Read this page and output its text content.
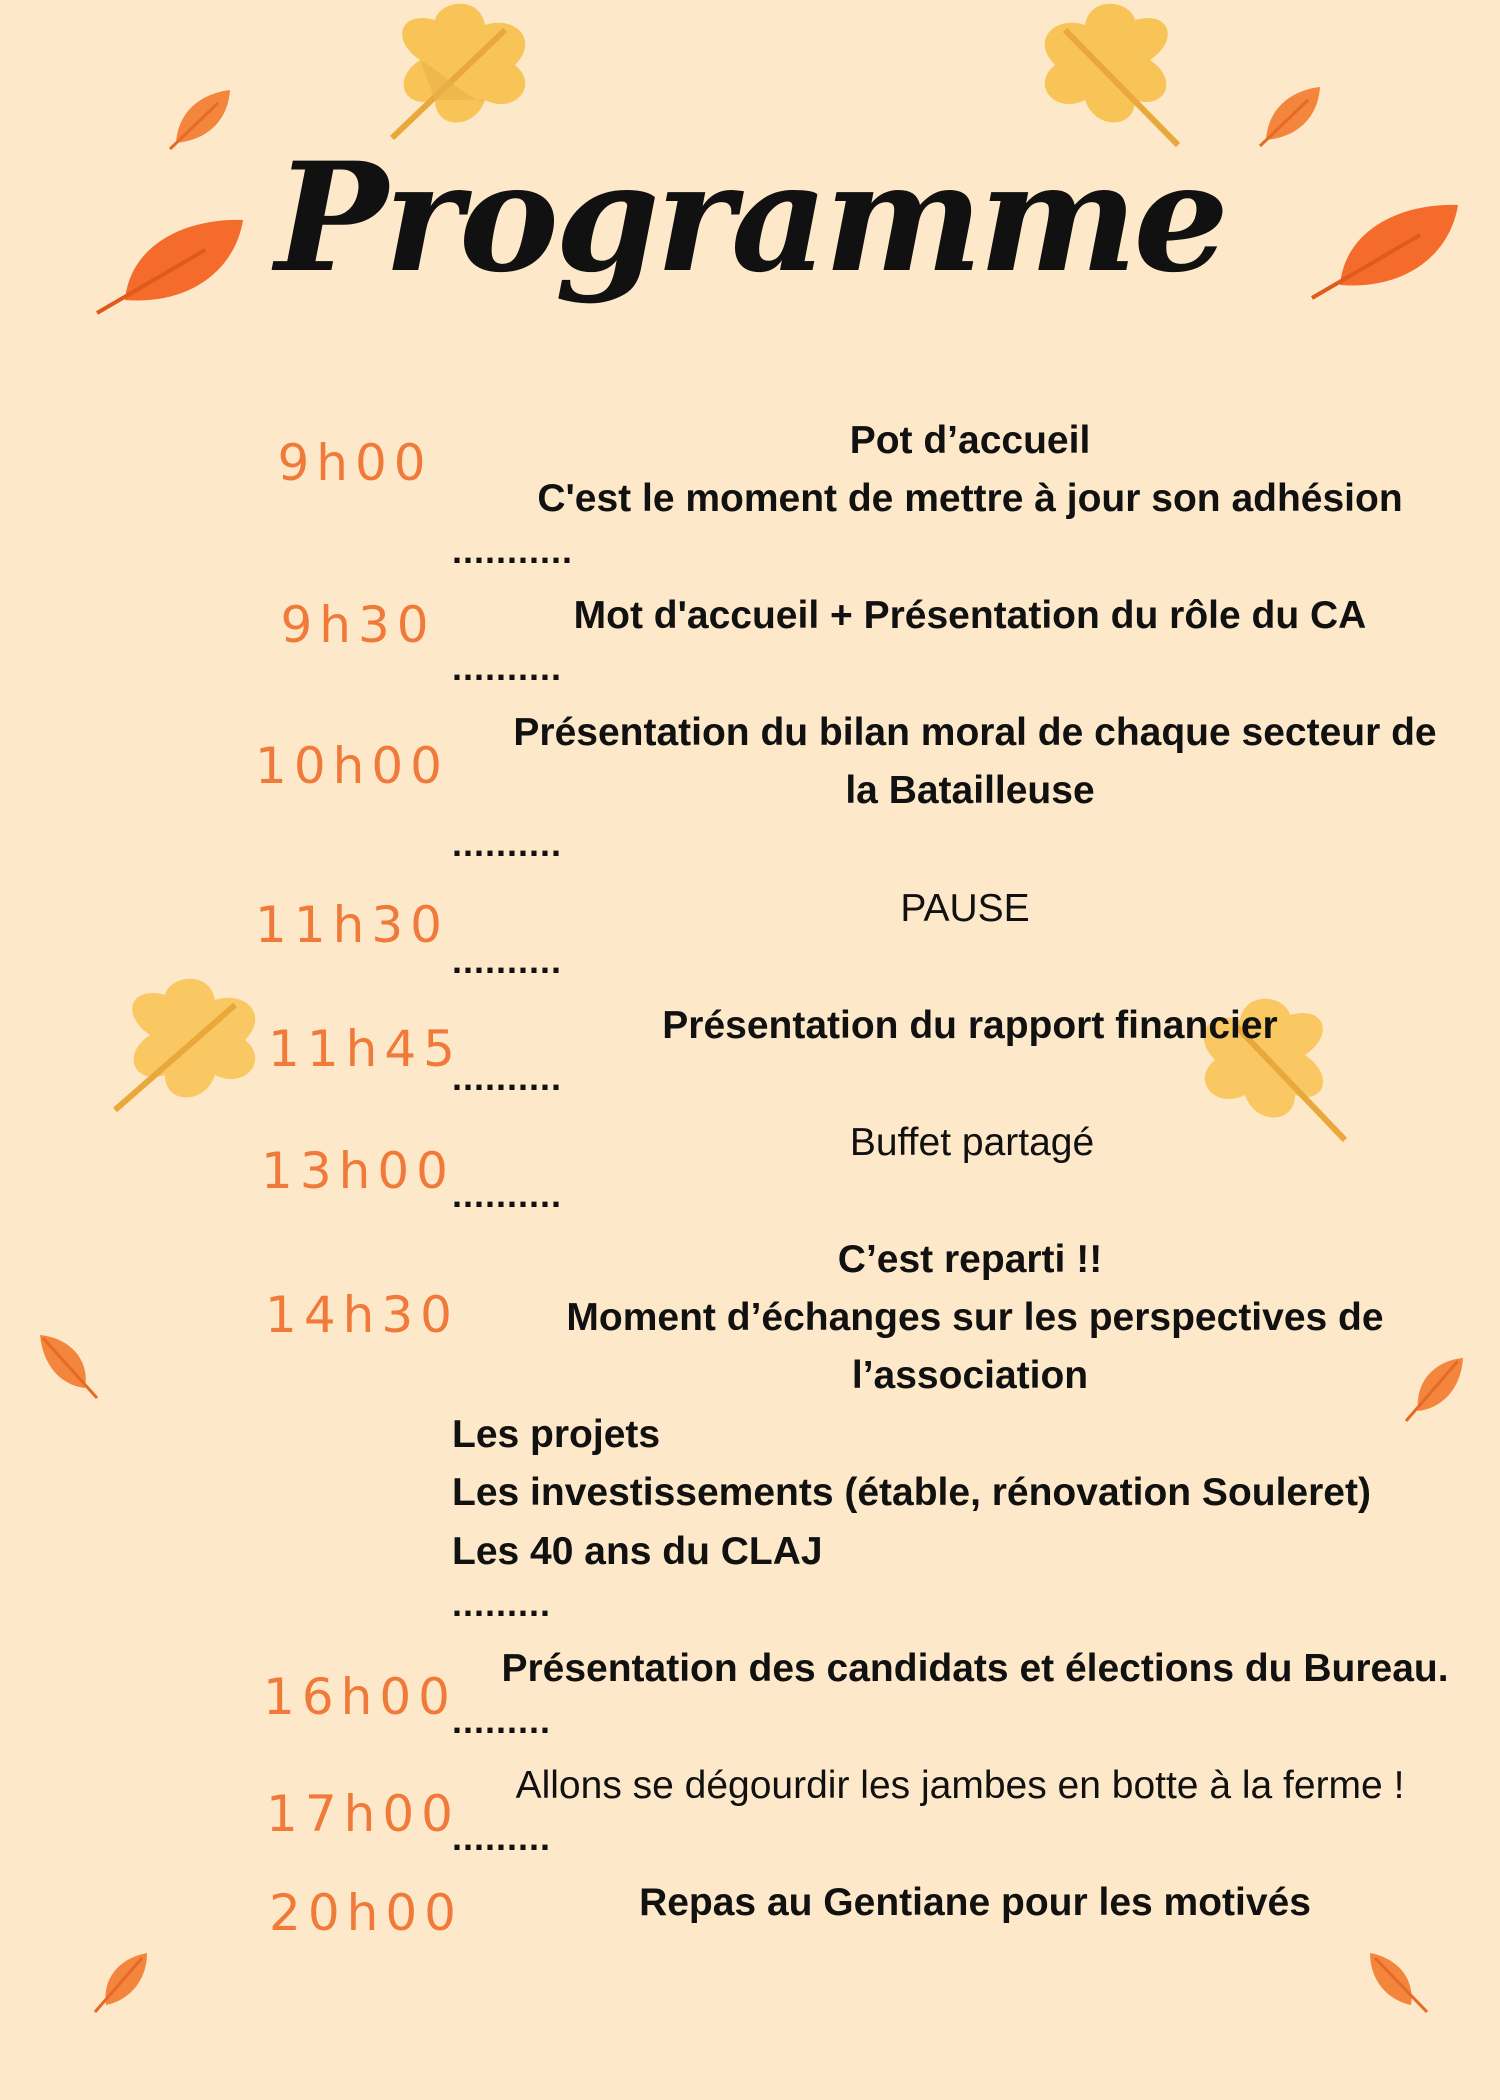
Programme
9h00
9h30
10h00
11h30
11h45
13h00
14h30
16h00
17h00
20h00
Pot d’accueil
C'est le moment de mettre à jour son adhésion
...........
Mot d'accueil + Présentation du rôle du CA
..........
Présentation du bilan moral de chaque secteur de
la Batailleuse
..........
PAUSE
..........
Présentation du rapport financier
..........
Buffet partagé
..........
C’est reparti !!
Moment d’échanges sur les perspectives de
l’association
Les projets
Les investissements (étable, rénovation Souleret)
Les 40 ans du CLAJ
.........
Présentation des candidats et élections du Bureau.
.........
Allons se dégourdir les jambes en botte à la ferme !
.........
Repas au Gentiane pour les motivés
